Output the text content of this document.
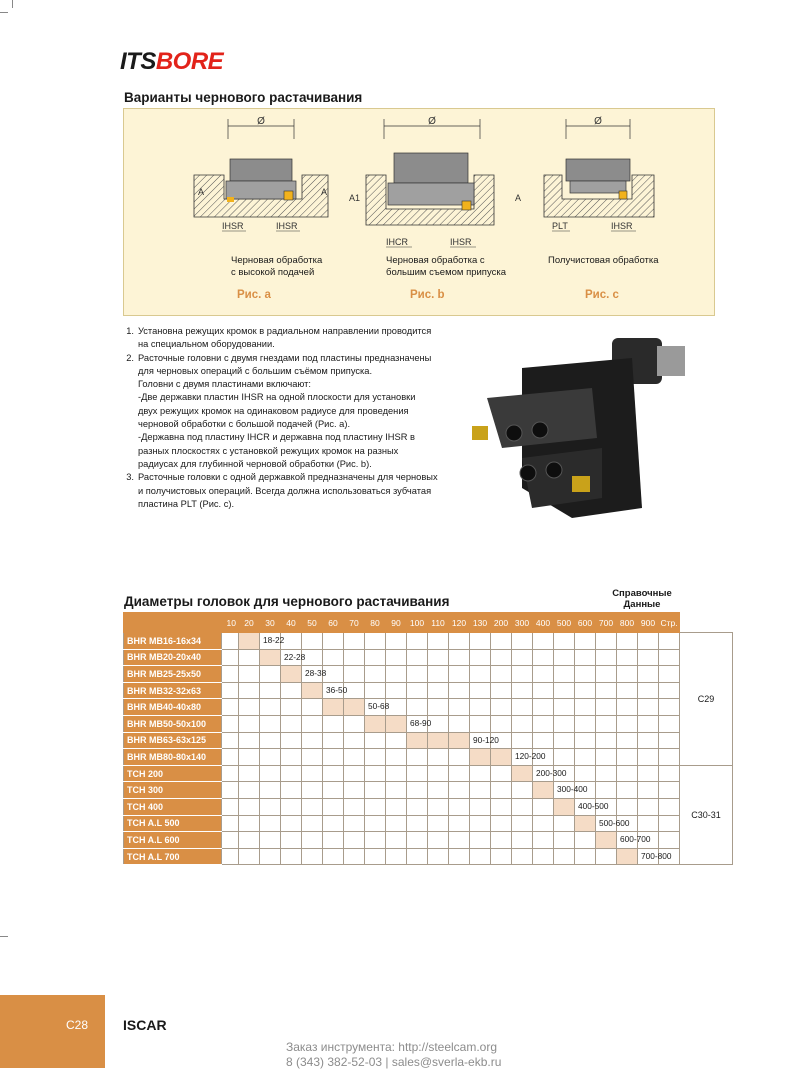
ITSBORE
Варианты чернового растачивания
Ø
A	A
IHSR	IHSR
Ø
A1	A
IHCR	IHSR
Ø
PLT	IHSR
Черновая обработка
с высокой подачей
Черновая обработка с
большим съемом припуска
Получистовая обработка
Рис. а	Рис. b	Рис. c
1. Установна режущих кромок в радиальном направлении проводится
на специальном оборудовании.
2. Расточные головни с двумя гнездами под пластины предназначены
для черновых операций с большим съёмом припуска.
Головни с двумя пластинами включают:
-Две державки пластин IHSR на одной плоскости для установки
двух режущих кромок на одинаковом радиусе для проведения
черновой обработки с большой подачей (Рис. а).
-Державна под пластину IHCR и державна под пластину IHSR в
разных плоскостях с установкой режущих кромок на разных
радиусах для глубинной черновой обработки (Рис. b).
3. Расточные головки с одной державкой предназначены для черновых
и получистовых операций. Всегда должна использоваться зубчатая
пластина PLT (Рис. с).
Диаметры головок для чернового растачивания
Справочные
Данные
10		20	30	40	50	60	70	80	90	100	110	120	130	200	300	400	500	600	700	800	900	Стр.	
BHR MB16-16x34			18-22																				C29
BHR MB20-20x40				22-28																			

BHR MB25-25x50					28-38																		

BHR MB32-32x63						36-50																	

BHR MB40-40x80								50-68															

BHR MB50-50x100										68-90													

BHR MB63-63x125													90-120										

BHR MB80-80x140															120-200								

TCH 200																200-300							C30-31
TCH 300																	300-400						

TCH 400																		400-500					

TCH A.L 500																			500-600				

TCH A.L 600																				600-700			

TCH A.L 700																					700-800		

C28 ISCAR
Заказ инструмента: http://steelcam.org
8 (343) 382-52-03 | sales@sverla-ekb.ru
